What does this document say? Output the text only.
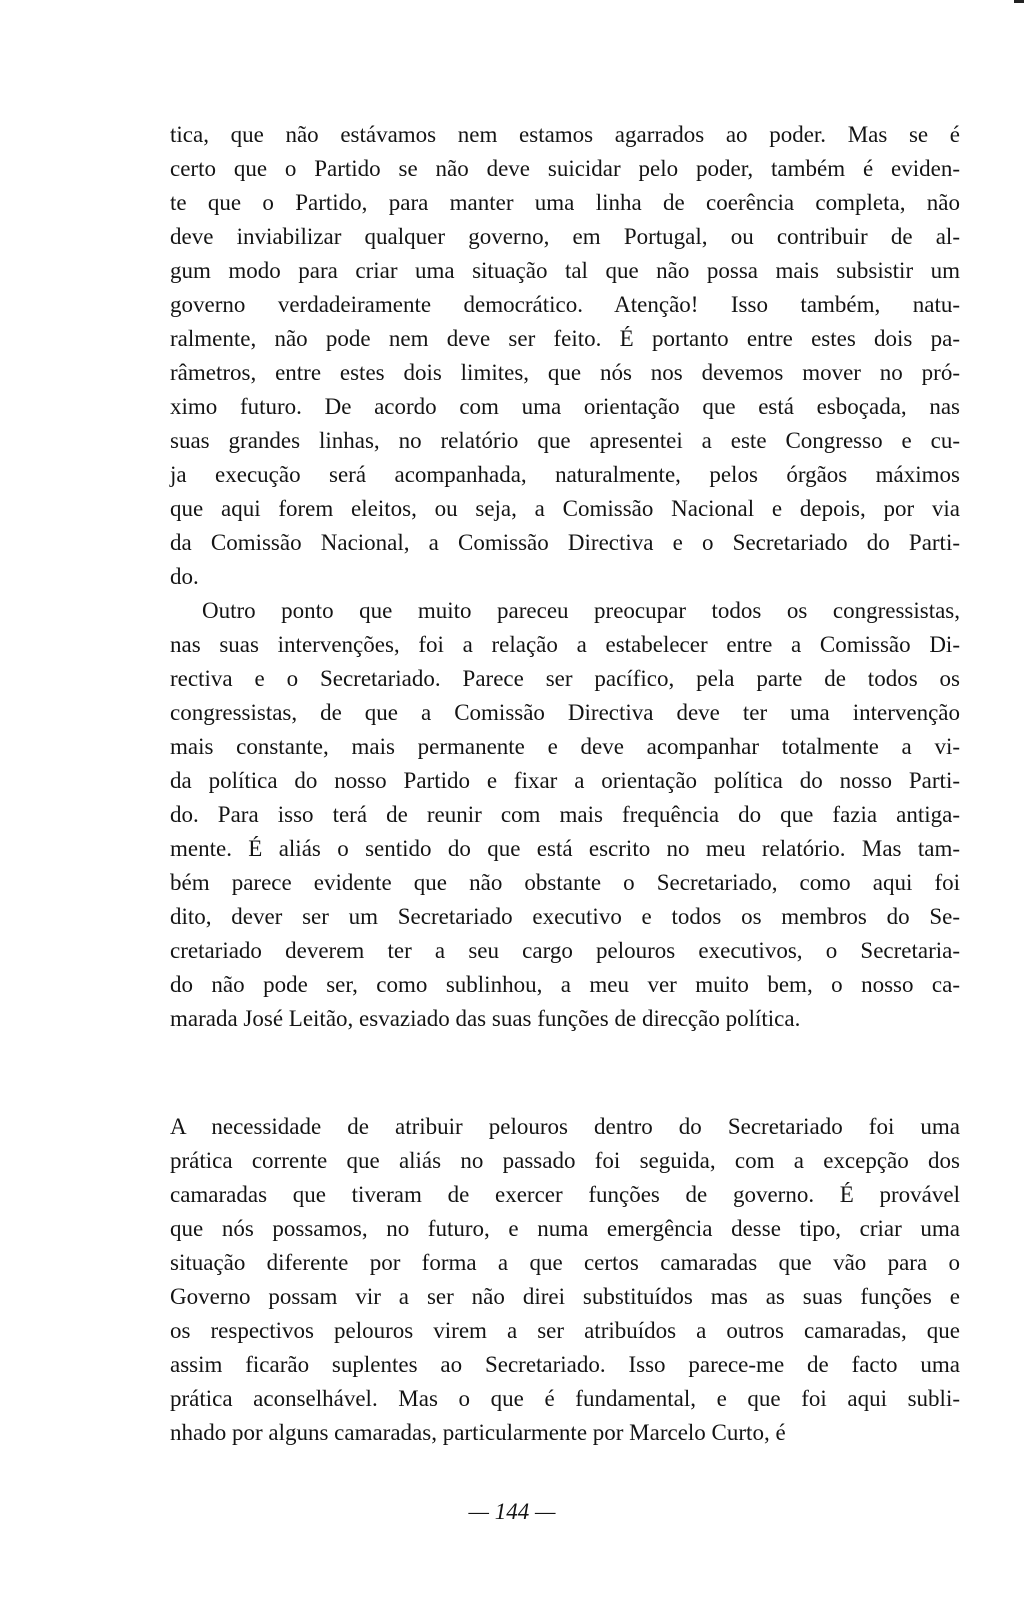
tica, que não estávamos nem estamos agarrados ao poder. Mas se é
certo que o Partido se não deve suicidar pelo poder, também é eviden-
te que o Partido, para manter uma linha de coerência completa, não
deve inviabilizar qualquer governo, em Portugal, ou contribuir de al-
gum modo para criar uma situação tal que não possa mais subsistir um
governo verdadeiramente democrático. Atenção! Isso também, natu-
ralmente, não pode nem deve ser feito. É portanto entre estes dois pa-
râmetros, entre estes dois limites, que nós nos devemos mover no pró-
ximo futuro. De acordo com uma orientação que está esboçada, nas
suas grandes linhas, no relatório que apresentei a este Congresso e cu-
ja execução será acompanhada, naturalmente, pelos órgãos máximos
que aqui forem eleitos, ou seja, a Comissão Nacional e depois, por via
da Comissão Nacional, a Comissão Directiva e o Secretariado do Parti-
do.
Outro ponto que muito pareceu preocupar todos os congressistas,
nas suas intervenções, foi a relação a estabelecer entre a Comissão Di-
rectiva e o Secretariado. Parece ser pacífico, pela parte de todos os
congressistas, de que a Comissão Directiva deve ter uma intervenção
mais constante, mais permanente e deve acompanhar totalmente a vi-
da política do nosso Partido e fixar a orientação política do nosso Parti-
do. Para isso terá de reunir com mais frequência do que fazia antiga-
mente. É aliás o sentido do que está escrito no meu relatório. Mas tam-
bém parece evidente que não obstante o Secretariado, como aqui foi
dito, dever ser um Secretariado executivo e todos os membros do Se-
cretariado deverem ter a seu cargo pelouros executivos, o Secretaria-
do não pode ser, como sublinhou, a meu ver muito bem, o nosso ca-
marada José Leitão, esvaziado das suas funções de direcção política.
A necessidade de atribuir pelouros dentro do Secretariado foi uma
prática corrente que aliás no passado foi seguida, com a excepção dos
camaradas que tiveram de exercer funções de governo. É provável
que nós possamos, no futuro, e numa emergência desse tipo, criar uma
situação diferente por forma a que certos camaradas que vão para o
Governo possam vir a ser não direi substituídos mas as suas funções e
os respectivos pelouros virem a ser atribuídos a outros camaradas, que
assim ficarão suplentes ao Secretariado. Isso parece-me de facto uma
prática aconselhável. Mas o que é fundamental, e que foi aqui subli-
nhado por alguns camaradas, particularmente por Marcelo Curto, é
— 144 —
